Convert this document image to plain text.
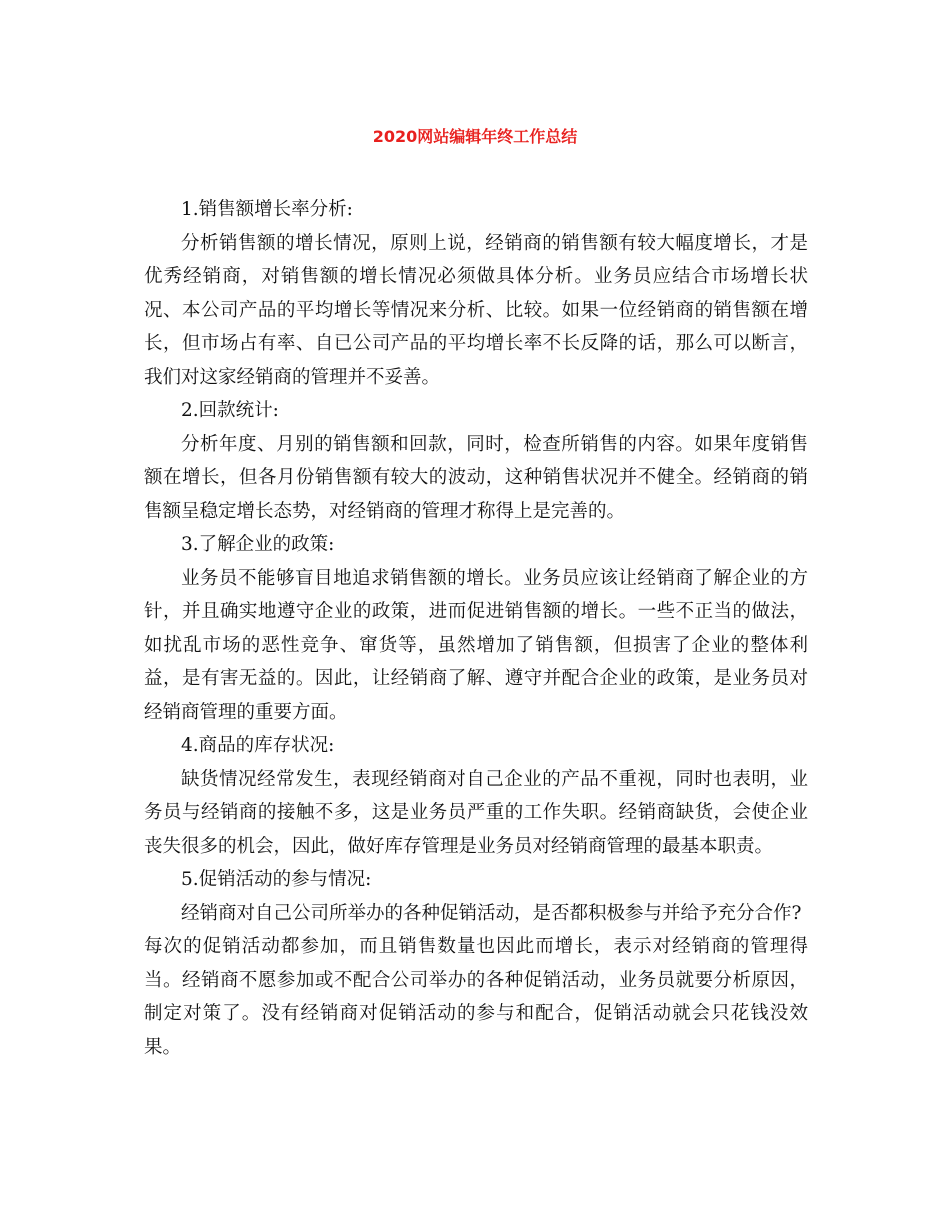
2020网站编辑年终工作总结

1.销售额增长率分析:

分析销售额的增长情况，原则上说，经销商的销售额有较大幅度增长，才是优秀经销商，对销售额的增长情况必须做具体分析。业务员应结合市场增长状况、本公司产品的平均增长等情况来分析、比较。如果一位经销商的销售额在增长，但市场占有率、自已公司产品的平均增长率不长反降的话，那么可以断言，我们对这家经销商的管理并不妥善。

2.回款统计:

分析年度、月别的销售额和回款，同时，检查所销售的内容。如果年度销售额在增长，但各月份销售额有较大的波动，这种销售状况并不健全。经销商的销售额呈稳定增长态势，对经销商的管理才称得上是完善的。

3.了解企业的政策:

业务员不能够盲目地追求销售额的增长。业务员应该让经销商了解企业的方针，并且确实地遵守企业的政策，进而促进销售额的增长。一些不正当的做法，如扰乱市场的恶性竞争、窜货等，虽然增加了销售额，但损害了企业的整体利益，是有害无益的。因此，让经销商了解、遵守并配合企业的政策，是业务员对经销商管理的重要方面。

4.商品的库存状况:

缺货情况经常发生，表现经销商对自己企业的产品不重视，同时也表明，业务员与经销商的接触不多，这是业务员严重的工作失职。经销商缺货，会使企业丧失很多的机会，因此，做好库存管理是业务员对经销商管理的最基本职责。

5.促销活动的参与情况:

经销商对自己公司所举办的各种促销活动，是否都积极参与并给予充分合作?

每次的促销活动都参加，而且销售数量也因此而增长，表示对经销商的管理得当。经销商不愿参加或不配合公司举办的各种促销活动，业务员就要分析原因，制定对策了。没有经销商对促销活动的参与和配合，促销活动就会只花钱没效果。
